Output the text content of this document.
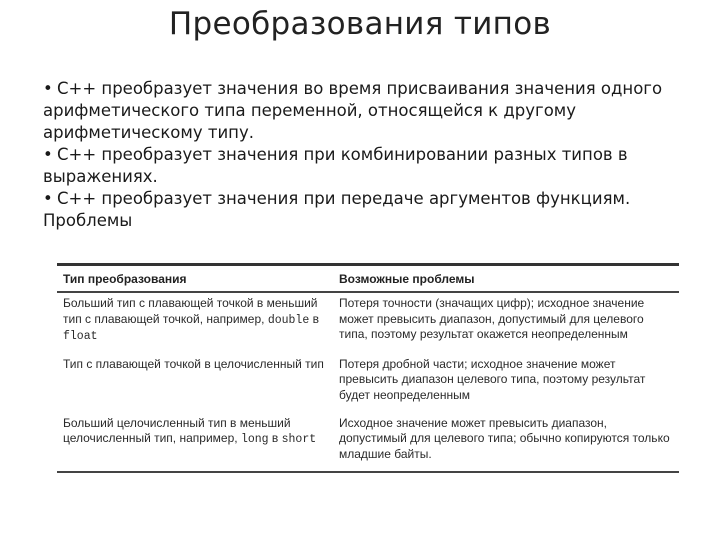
Преобразования типов

• C++ преобразует значения во время присваивания значения одного арифметического типа переменной, относящейся к другому арифметическому типу.

• C++ преобразует значения при комбинировании разных типов в выражениях.

• C++ преобразует значения при передаче аргументов функциям.

Проблемы

Тип преобразования	Возможные проблемы
Больший тип с плавающей точкой в меньший тип с плавающей точкой, например, double в float	Потеря точности (значащих цифр); исходное значение может превысить диапазон, допустимый для целевого типа, поэтому результат окажется неопределенным
Тип с плавающей точкой в целочисленный тип	Потеря дробной части; исходное значение может превысить диапазон целевого типа, поэтому результат будет неопределенным
Больший целочисленный тип в меньший целочисленный тип, например, long в short	Исходное значение может превысить диапазон, допустимый для целевого типа; обычно копируются только младшие байты.
